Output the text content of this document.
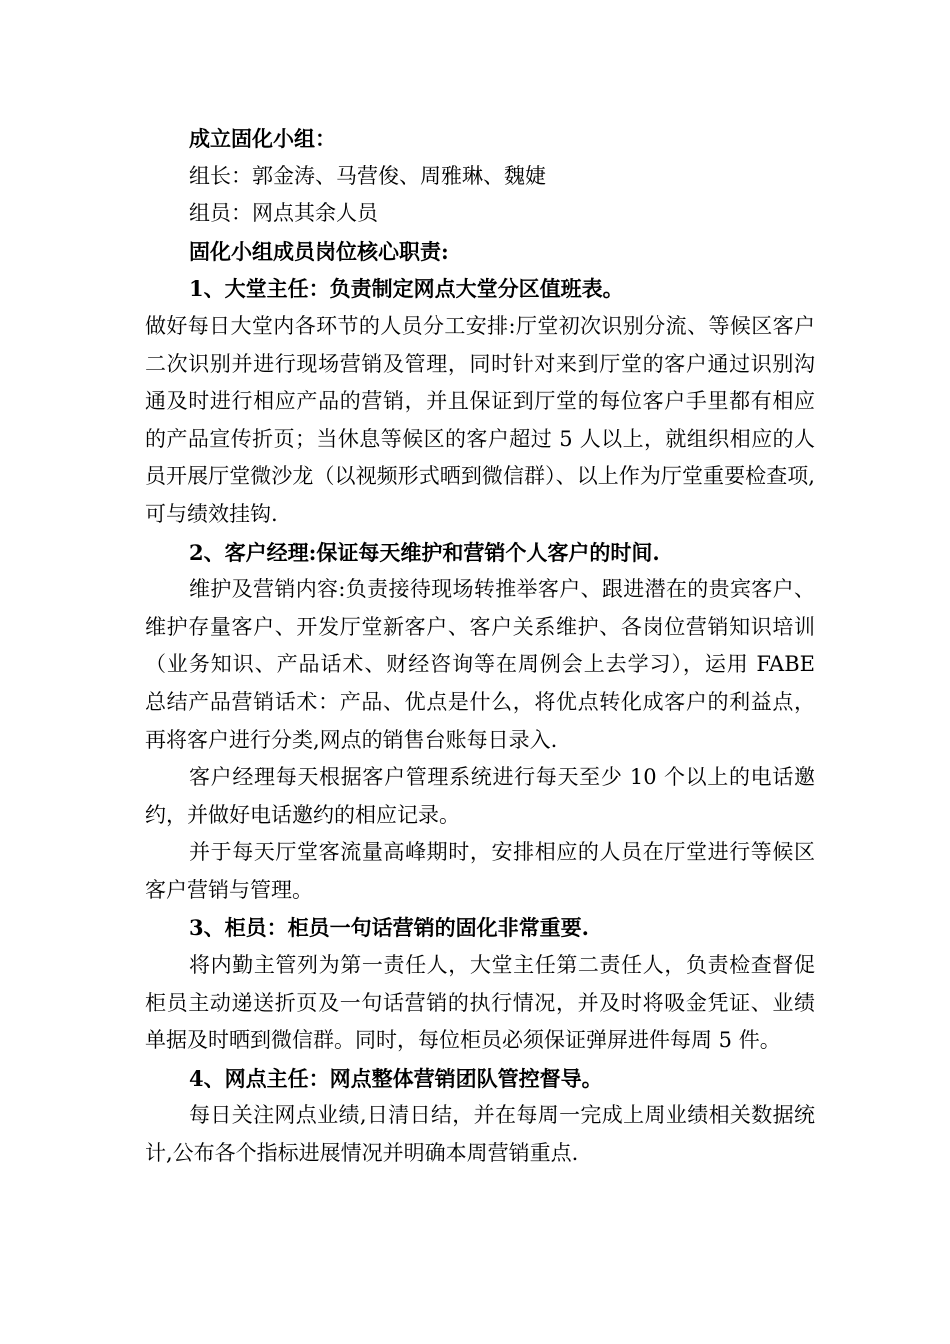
成立固化小组：

组长：郭金涛、马营俊、周雅琳、魏婕

组员：网点其余人员

固化小组成员岗位核心职责:

1、大堂主任：负责制定网点大堂分区值班表。

做好每日大堂内各环节的人员分工安排:厅堂初次识别分流、等候区客户二次识别并进行现场营销及管理，同时针对来到厅堂的客户通过识别沟通及时进行相应产品的营销，并且保证到厅堂的每位客户手里都有相应的产品宣传折页；当休息等候区的客户超过 5 人以上，就组织相应的人员开展厅堂微沙龙（以视频形式晒到微信群）、以上作为厅堂重要检查项,可与绩效挂钩.

2、客户经理:保证每天维护和营销个人客户的时间.

维护及营销内容:负责接待现场转推举客户、跟进潜在的贵宾客户、维护存量客户、开发厅堂新客户、客户关系维护、各岗位营销知识培训（业务知识、产品话术、财经咨询等在周例会上去学习），运用 FABE 总结产品营销话术：产品、优点是什么，将优点转化成客户的利益点，再将客户进行分类,网点的销售台账每日录入.

客户经理每天根据客户管理系统进行每天至少 10 个以上的电话邀约，并做好电话邀约的相应记录。

并于每天厅堂客流量高峰期时，安排相应的人员在厅堂进行等候区客户营销与管理。

3、柜员：柜员一句话营销的固化非常重要.

将内勤主管列为第一责任人，大堂主任第二责任人，负责检查督促柜员主动递送折页及一句话营销的执行情况，并及时将吸金凭证、业绩单据及时晒到微信群。同时，每位柜员必须保证弹屏进件每周 5 件。

4、网点主任：网点整体营销团队管控督导。

每日关注网点业绩,日清日结，并在每周一完成上周业绩相关数据统计,公布各个指标进展情况并明确本周营销重点.
